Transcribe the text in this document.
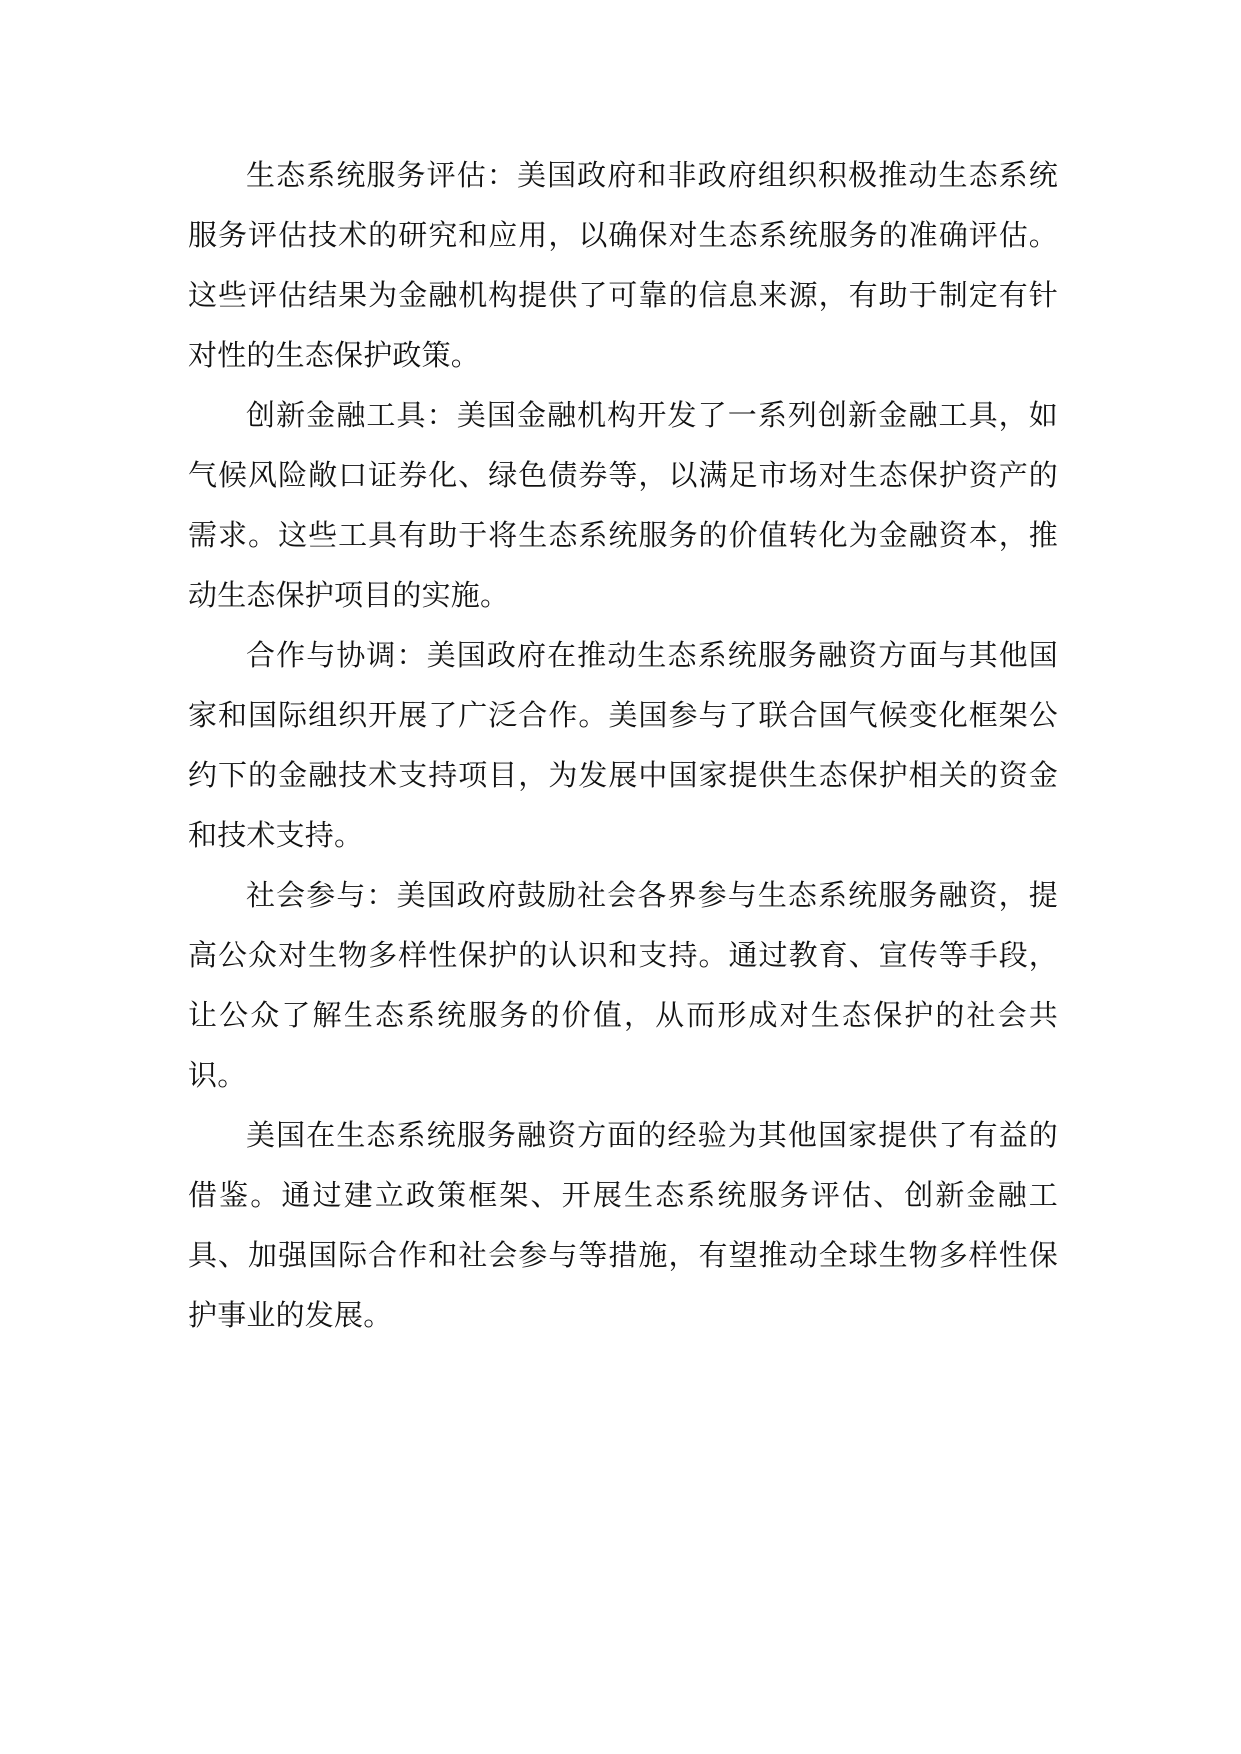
生态系统服务评估：美国政府和非政府组织积极推动生态系统服务评估技术的研究和应用，以确保对生态系统服务的准确评估。这些评估结果为金融机构提供了可靠的信息来源，有助于制定有针对性的生态保护政策。

创新金融工具：美国金融机构开发了一系列创新金融工具，如气候风险敞口证券化、绿色债券等，以满足市场对生态保护资产的需求。这些工具有助于将生态系统服务的价值转化为金融资本，推动生态保护项目的实施。

合作与协调：美国政府在推动生态系统服务融资方面与其他国家和国际组织开展了广泛合作。美国参与了联合国气候变化框架公约下的金融技术支持项目，为发展中国家提供生态保护相关的资金和技术支持。

社会参与：美国政府鼓励社会各界参与生态系统服务融资，提高公众对生物多样性保护的认识和支持。通过教育、宣传等手段，让公众了解生态系统服务的价值，从而形成对生态保护的社会共识。

美国在生态系统服务融资方面的经验为其他国家提供了有益的借鉴。通过建立政策框架、开展生态系统服务评估、创新金融工具、加强国际合作和社会参与等措施，有望推动全球生物多样性保护事业的发展。
